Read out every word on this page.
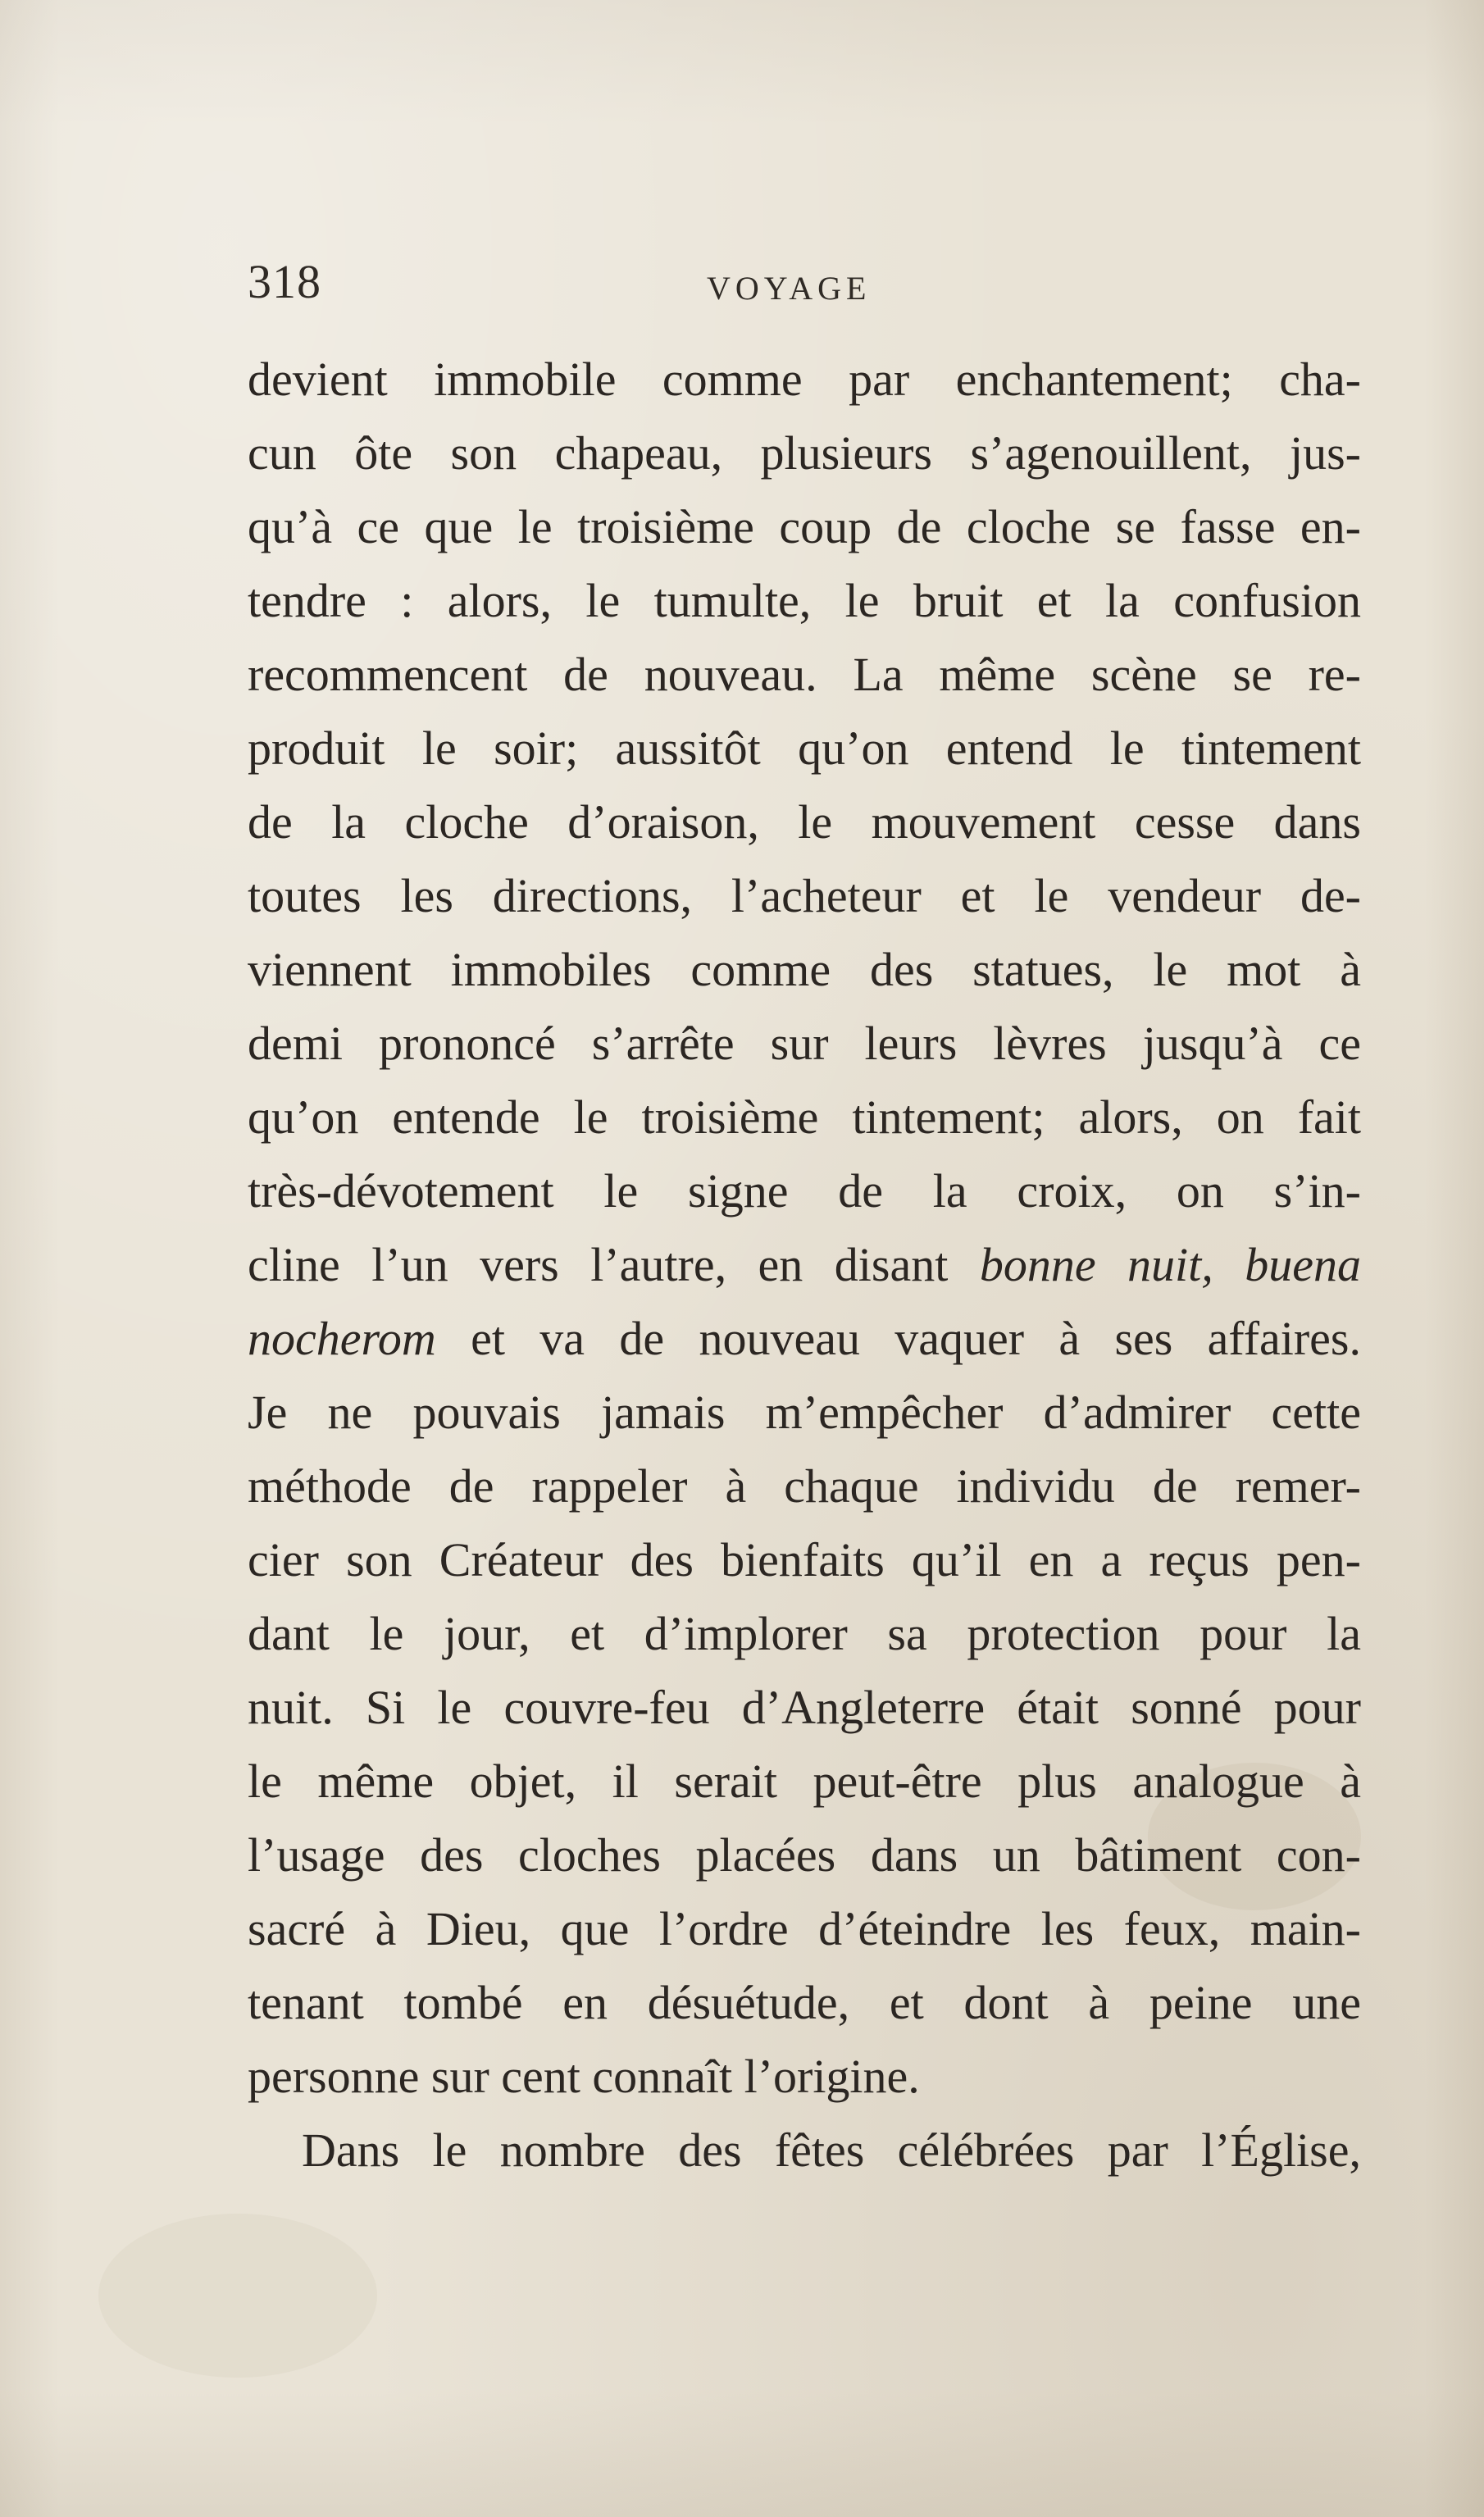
318	VOYAGE
devient immobile comme par enchantement; cha-
cun ôte son chapeau, plusieurs s’agenouillent, jus-
qu’à ce que le troisième coup de cloche se fasse en-
tendre : alors, le tumulte, le bruit et la confusion
recommencent de nouveau. La même scène se re-
produit le soir; aussitôt qu’on entend le tintement
de la cloche d’oraison, le mouvement cesse dans
toutes les directions, l’acheteur et le vendeur de-
viennent immobiles comme des statues, le mot à
demi prononcé s’arrête sur leurs lèvres jusqu’à ce
qu’on entende le troisième tintement; alors, on fait
très-dévotement le signe de la croix, on s’in-
cline l’un vers l’autre, en disant bonne nuit, buena
nocherom et va de nouveau vaquer à ses affaires.
Je ne pouvais jamais m’empêcher d’admirer cette
méthode de rappeler à chaque individu de remer-
cier son Créateur des bienfaits qu’il en a reçus pen-
dant le jour, et d’implorer sa protection pour la
nuit. Si le couvre-feu d’Angleterre était sonné pour
le même objet, il serait peut-être plus analogue à
l’usage des cloches placées dans un bâtiment con-
sacré à Dieu, que l’ordre d’éteindre les feux, main-
tenant tombé en désuétude, et dont à peine une
personne sur cent connaît l’origine.
Dans le nombre des fêtes célébrées par l’Église,
